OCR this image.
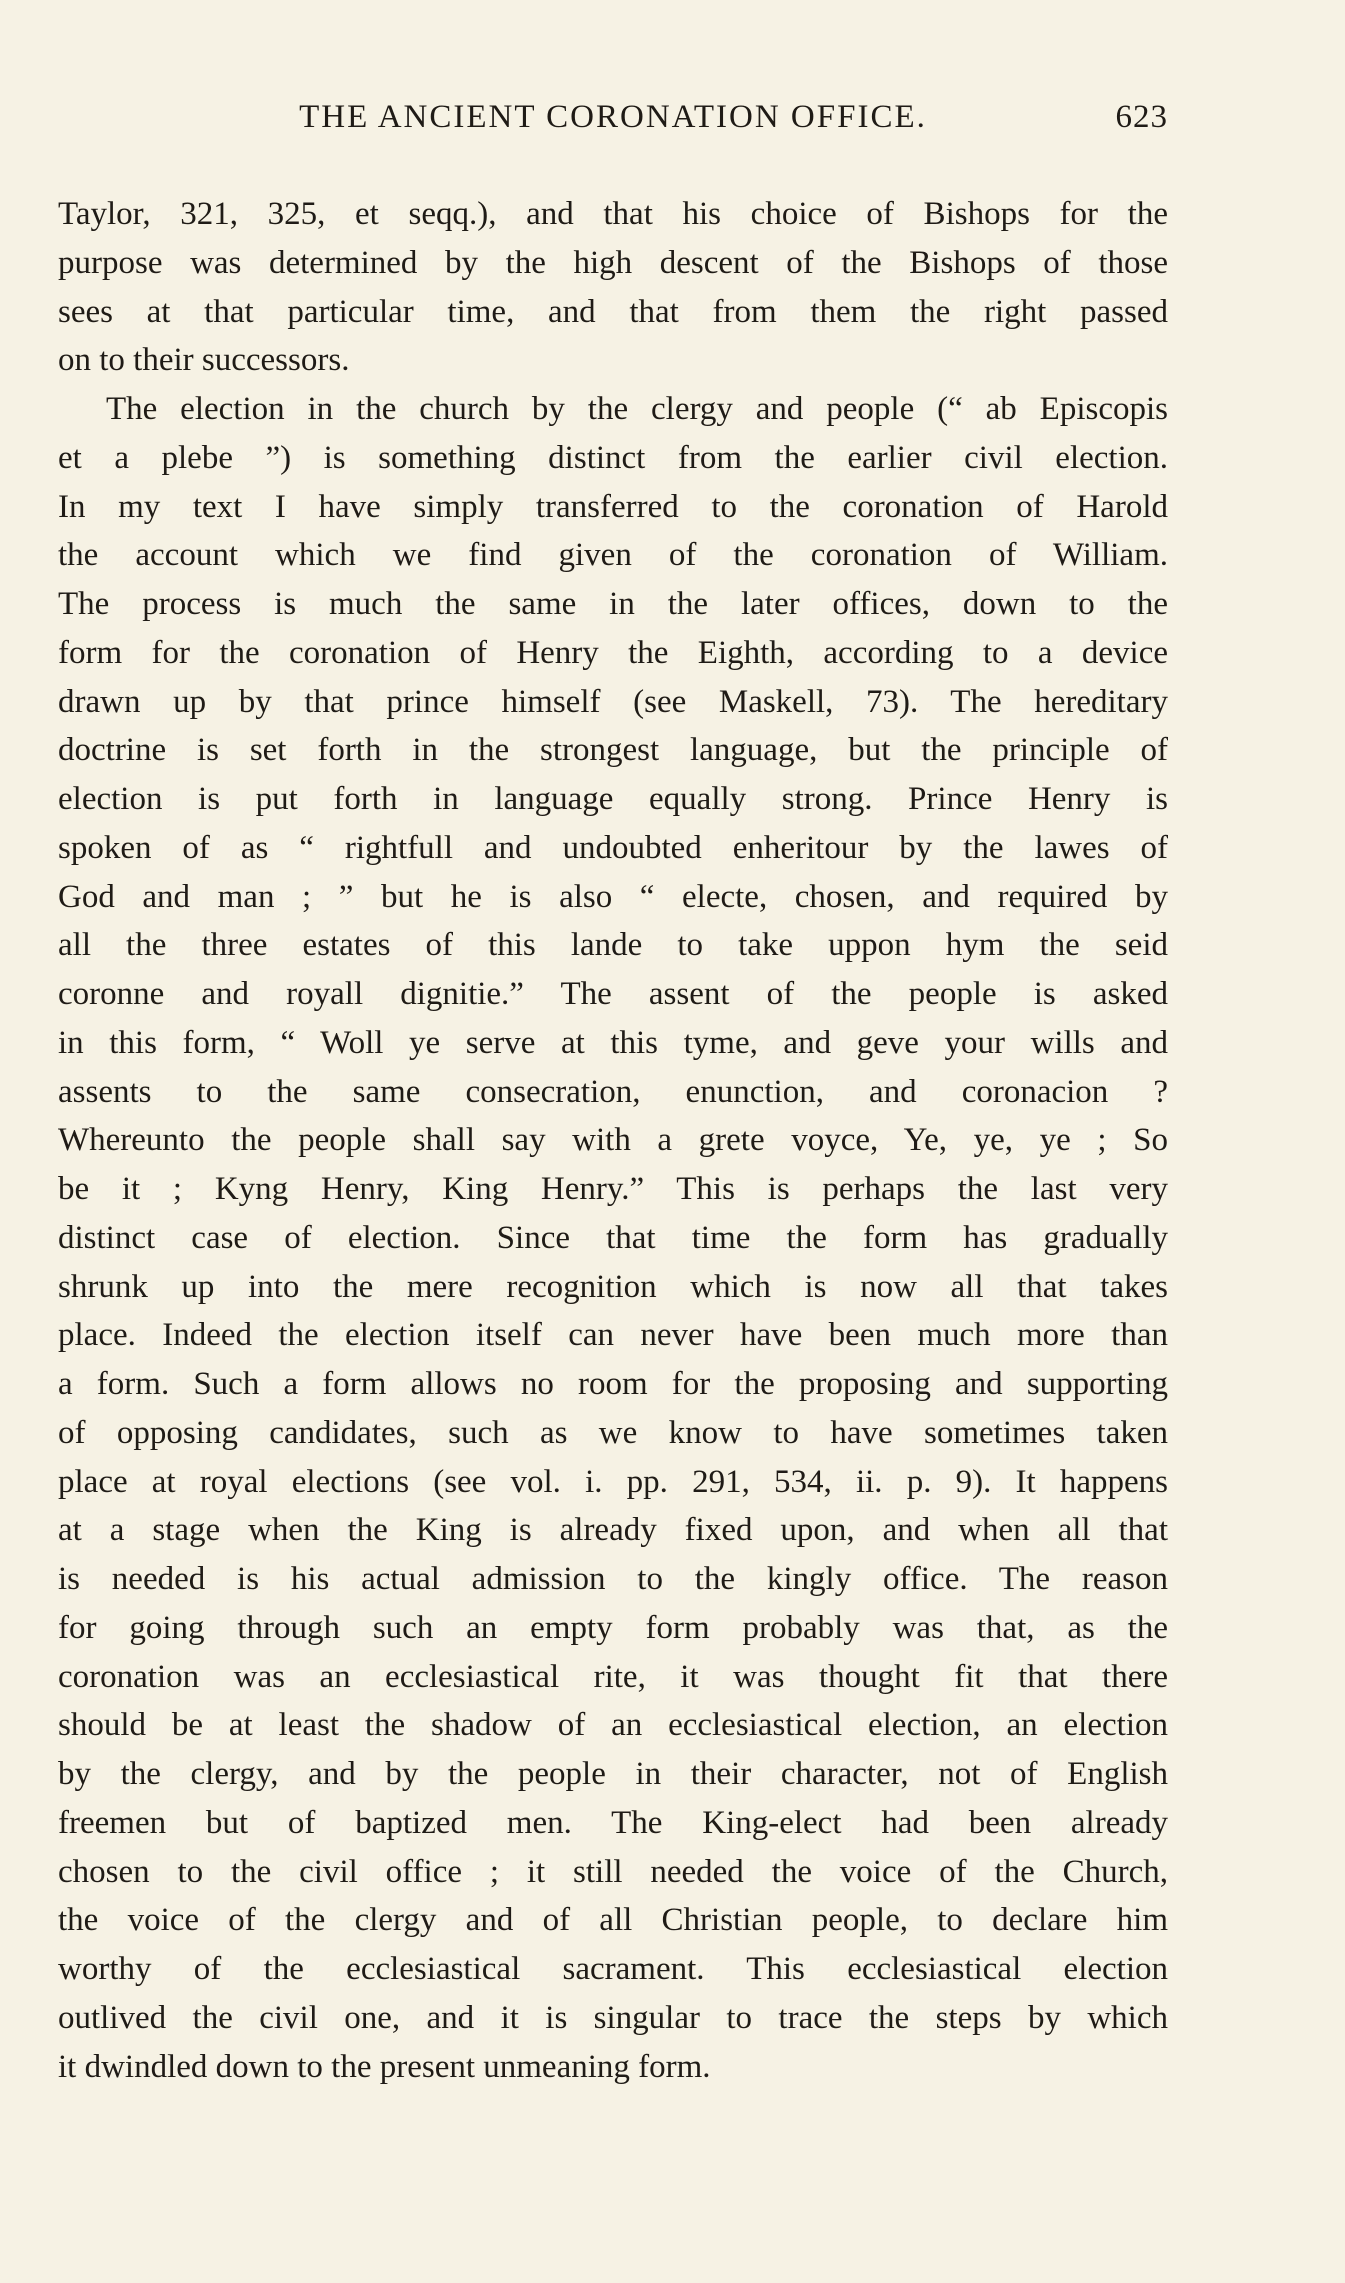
THE ANCIENT CORONATION OFFICE.	623
Taylor, 321, 325, et seqq.), and that his choice of Bishops for the
purpose was determined by the high descent of the Bishops of those
sees at that particular time, and that from them the right passed
on to their successors.
The election in the church by the clergy and people (“ ab Episcopis
et a plebe ”) is something distinct from the earlier civil election.
In my text I have simply transferred to the coronation of Harold
the account which we find given of the coronation of William.
The process is much the same in the later offices, down to the
form for the coronation of Henry the Eighth, according to a device
drawn up by that prince himself (see Maskell, 73). The hereditary
doctrine is set forth in the strongest language, but the principle of
election is put forth in language equally strong. Prince Henry is
spoken of as “ rightfull and undoubted enheritour by the lawes of
God and man ; ” but he is also “ electe, chosen, and required by
all the three estates of this lande to take uppon hym the seid
coronne and royall dignitie.” The assent of the people is asked
in this form, “ Woll ye serve at this tyme, and geve your wills and
assents to the same consecration, enunction, and coronacion ?
Whereunto the people shall say with a grete voyce, Ye, ye, ye ; So
be it ; Kyng Henry, King Henry.” This is perhaps the last very
distinct case of election. Since that time the form has gradually
shrunk up into the mere recognition which is now all that takes
place. Indeed the election itself can never have been much more than
a form. Such a form allows no room for the proposing and supporting
of opposing candidates, such as we know to have sometimes taken
place at royal elections (see vol. i. pp. 291, 534, ii. p. 9). It happens
at a stage when the King is already fixed upon, and when all that
is needed is his actual admission to the kingly office. The reason
for going through such an empty form probably was that, as the
coronation was an ecclesiastical rite, it was thought fit that there
should be at least the shadow of an ecclesiastical election, an election
by the clergy, and by the people in their character, not of English
freemen but of baptized men. The King-elect had been already
chosen to the civil office ; it still needed the voice of the Church,
the voice of the clergy and of all Christian people, to declare him
worthy of the ecclesiastical sacrament. This ecclesiastical election
outlived the civil one, and it is singular to trace the steps by which
it dwindled down to the present unmeaning form.
